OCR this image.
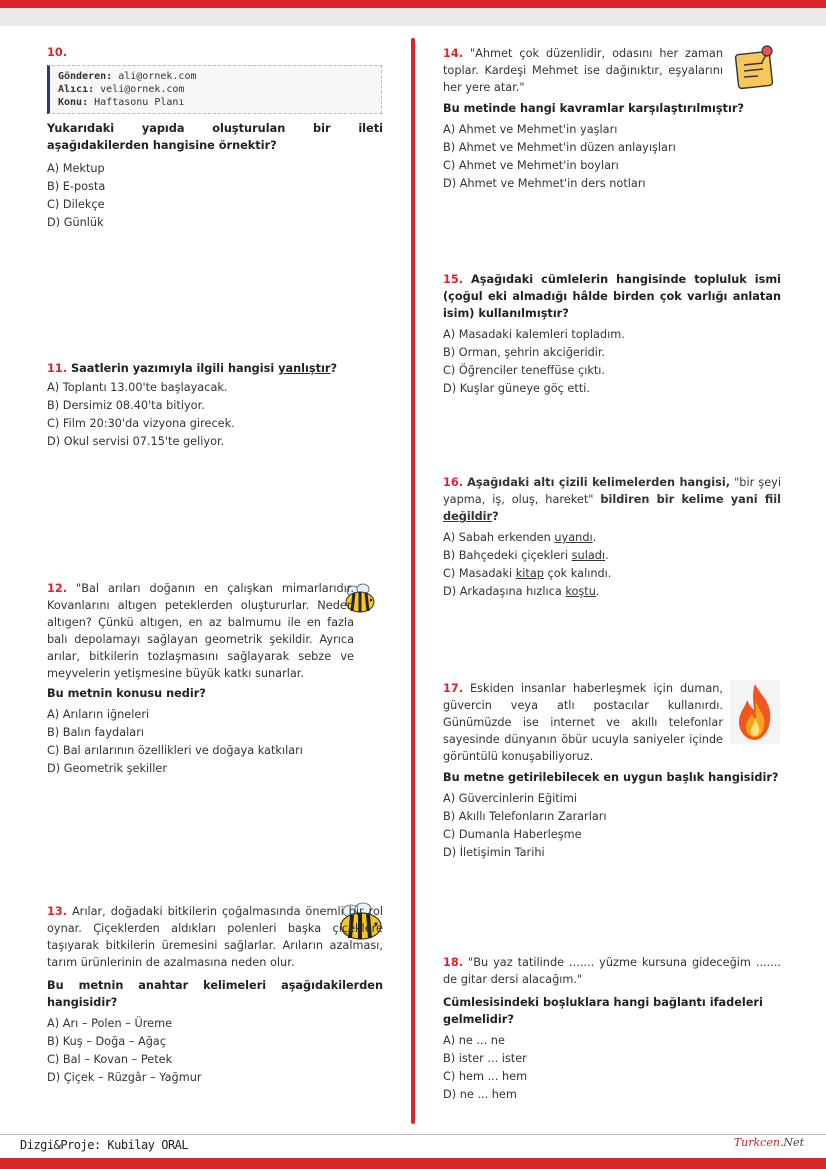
10.
Gönderen: ali@ornek.com
Alıcı: veli@ornek.com
Konu: Haftasonu Planı
Yukarıdaki yapıda oluşturulan bir ileti aşağıdakilerden hangisine örnektir?
A) Mektup
B) E-posta
C) Dilekçe
D) Günlük
11. Saatlerin yazımıyla ilgili hangisi yanlıştır?
A) Toplantı 13.00'te başlayacak.
B) Dersimiz 08.40'ta bitiyor.
C) Film 20:30'da vizyona girecek.
D) Okul servisi 07.15'te geliyor.
12. "Bal arıları doğanın en çalışkan mimarlarıdır. Kovanlarını altıgen peteklerden oluştururlar. Neden altıgen? Çünkü altıgen, en az balmumu ile en fazla balı depolamayı sağlayan geometrik şekildir. Ayrıca arılar, bitkilerin tozlaşmasını sağlayarak sebze ve meyvelerin yetişmesine büyük katkı sunarlar.
Bu metnin konusu nedir?
A) Arıların iğneleri
B) Balın faydaları
C) Bal arılarının özellikleri ve doğaya katkıları
D) Geometrik şekiller
13. Arılar, doğadaki bitkilerin çoğalmasında önemli bir rol oynar. Çiçeklerden aldıkları polenleri başka çiçeklere taşıyarak bitkilerin üremesini sağlarlar. Arıların azalması, tarım ürünlerinin de azalmasına neden olur.
Bu metnin anahtar kelimeleri aşağıdakilerden hangisidir?
A) Arı – Polen – Üreme
B) Kuş – Doğa – Ağaç
C) Bal – Kovan – Petek
D) Çiçek – Rüzgâr – Yağmur
14. "Ahmet çok düzenlidir, odasını her zaman toplar. Kardeşi Mehmet ise dağınıktır, eşyalarını her yere atar."
Bu metinde hangi kavramlar karşılaştırılmıştır?
A) Ahmet ve Mehmet'in yaşları
B) Ahmet ve Mehmet'in düzen anlayışları
C) Ahmet ve Mehmet'in boyları
D) Ahmet ve Mehmet'in ders notları
15. Aşağıdaki cümlelerin hangisinde topluluk ismi (çoğul eki almadığı hâlde birden çok varlığı anlatan isim) kullanılmıştır?
A) Masadaki kalemleri topladım.
B) Orman, şehrin akciğeridir.
C) Öğrenciler teneffüse çıktı.
D) Kuşlar güneye göç etti.
16. Aşağıdaki altı çizili kelimelerden hangisi, "bir şeyi yapma, iş, oluş, hareket" bildiren bir kelime yani fiil değildir?
A) Sabah erkenden uyandı.
B) Bahçedeki çiçekleri suladı.
C) Masadaki kitap çok kalındı.
D) Arkadaşına hızlıca koştu.
17. Eskiden insanlar haberleşmek için duman, güvercin veya atlı postacılar kullanırdı. Günümüzde ise internet ve akıllı telefonlar sayesinde dünyanın öbür ucuyla saniyeler içinde görüntülü konuşabiliyoruz.
Bu metne getirilebilecek en uygun başlık hangisidir?
A) Güvercinlerin Eğitimi
B) Akıllı Telefonların Zararları
C) Dumanla Haberleşme
D) İletişimin Tarihi
18. "Bu yaz tatilinde ....... yüzme kursuna gideceğim ....... de gitar dersi alacağım."
Cümlesisindeki boşluklara hangi bağlantı ifadeleri gelmelidir?
A) ne ... ne
B) ister ... ister
C) hem ... hem
D) ne ... hem
Dizgi&Proje: Kubilay ORAL	Turkcen.Net
